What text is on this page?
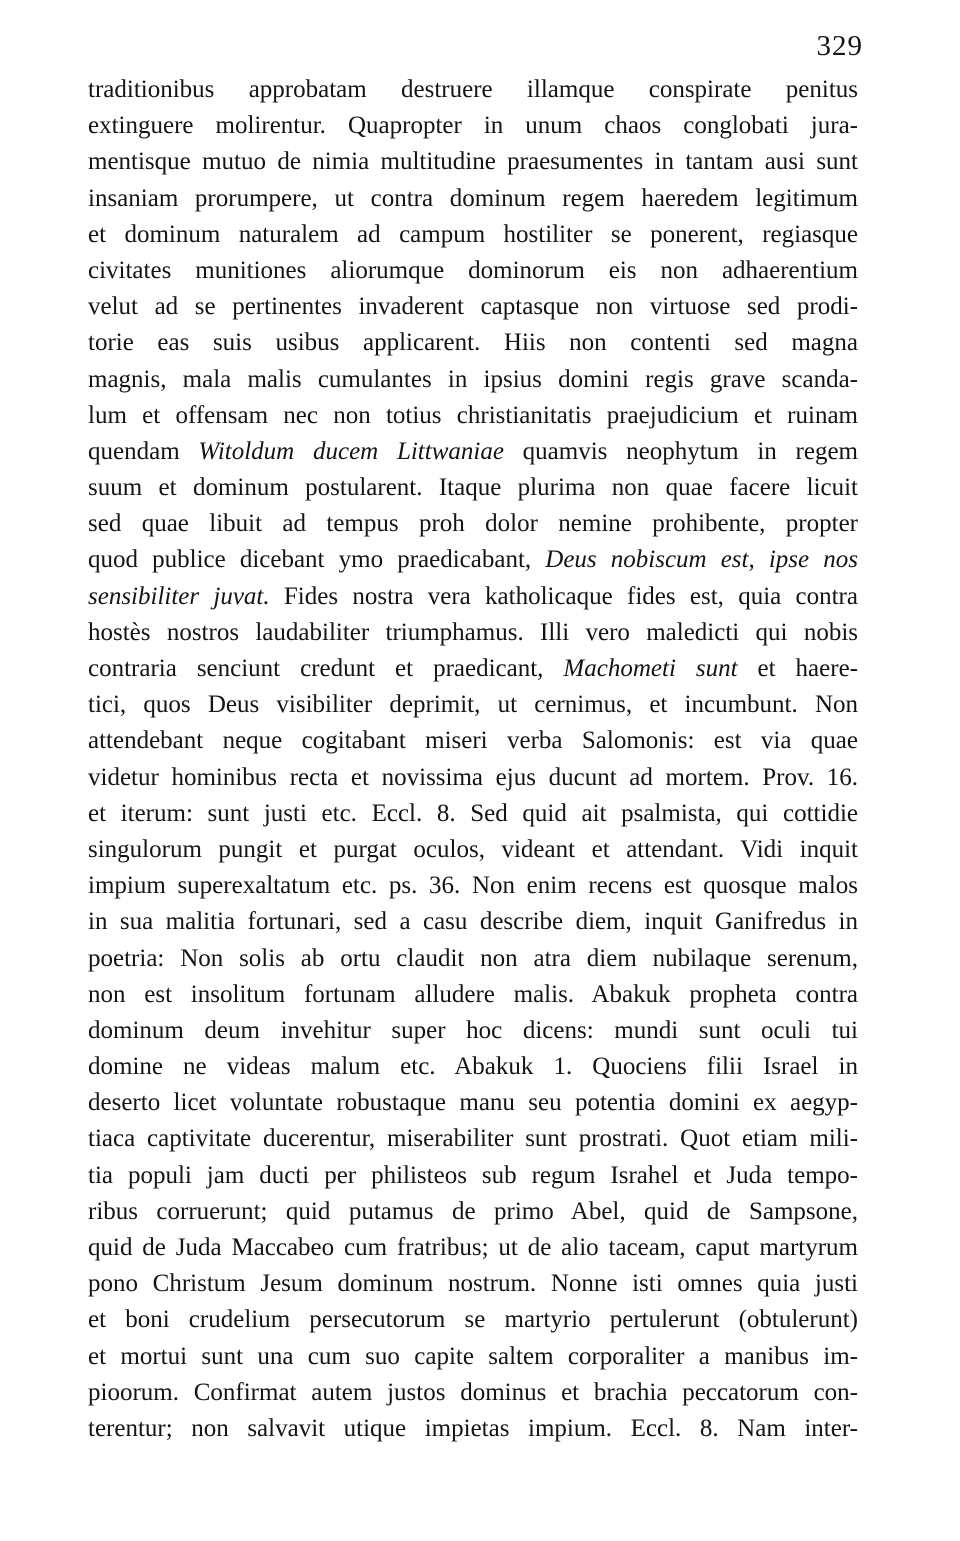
329
traditionibus approbatam destruere illamque conspirate penitus
extinguere molirentur. Quapropter in unum chaos conglobati jura-
mentisque mutuo de nimia multitudine praesumentes in tantam ausi sunt
insaniam prorumpere, ut contra dominum regem haeredem legitimum
et dominum naturalem ad campum hostiliter se ponerent, regiasque
civitates munitiones aliorumque dominorum eis non adhaerentium
velut ad se pertinentes invaderent captasque non virtuose sed prodi-
torie eas suis usibus applicarent. Hiis non contenti sed magna
magnis, mala malis cumulantes in ipsius domini regis grave scanda-
lum et offensam nec non totius christianitatis praejudicium et ruinam
quendam Witoldum ducem Littwaniae quamvis neophytum in regem
suum et dominum postularent. Itaque plurima non quae facere licuit
sed quae libuit ad tempus proh dolor nemine prohibente, propter
quod publice dicebant ymo praedicabant, Deus nobiscum est, ipse nos
sensibiliter juvat. Fides nostra vera katholicaque fides est, quia contra
hostès nostros laudabiliter triumphamus. Illi vero maledicti qui nobis
contraria senciunt credunt et praedicant, Machometi sunt et haere-
tici, quos Deus visibiliter deprimit, ut cernimus, et incumbunt. Non
attendebant neque cogitabant miseri verba Salomonis: est via quae
videtur hominibus recta et novissima ejus ducunt ad mortem. Prov. 16.
et iterum: sunt justi etc. Eccl. 8. Sed quid ait psalmista, qui cottidie
singulorum pungit et purgat oculos, videant et attendant. Vidi inquit
impium superexaltatum etc. ps. 36. Non enim recens est quosque malos
in sua malitia fortunari, sed a casu describe diem, inquit Ganifredus in
poetria: Non solis ab ortu claudit non atra diem nubilaque serenum,
non est insolitum fortunam alludere malis. Abakuk propheta contra
dominum deum invehitur super hoc dicens: mundi sunt oculi tui
domine ne videas malum etc. Abakuk 1. Quociens filii Israel in
deserto licet voluntate robustaque manu seu potentia domini ex aegyp-
tiaca captivitate ducerentur, miserabiliter sunt prostrati. Quot etiam mili-
tia populi jam ducti per philisteos sub regum Israhel et Juda tempo-
ribus corruerunt; quid putamus de primo Abel, quid de Sampsone,
quid de Juda Maccabeo cum fratribus; ut de alio taceam, caput martyrum
pono Christum Jesum dominum nostrum. Nonne isti omnes quia justi
et boni crudelium persecutorum se martyrio pertulerunt (obtulerunt)
et mortui sunt una cum suo capite saltem corporaliter a manibus im-
pioorum. Confirmat autem justos dominus et brachia peccatorum con-
terentur; non salvavit utique impietas impium. Eccl. 8. Nam inter-
